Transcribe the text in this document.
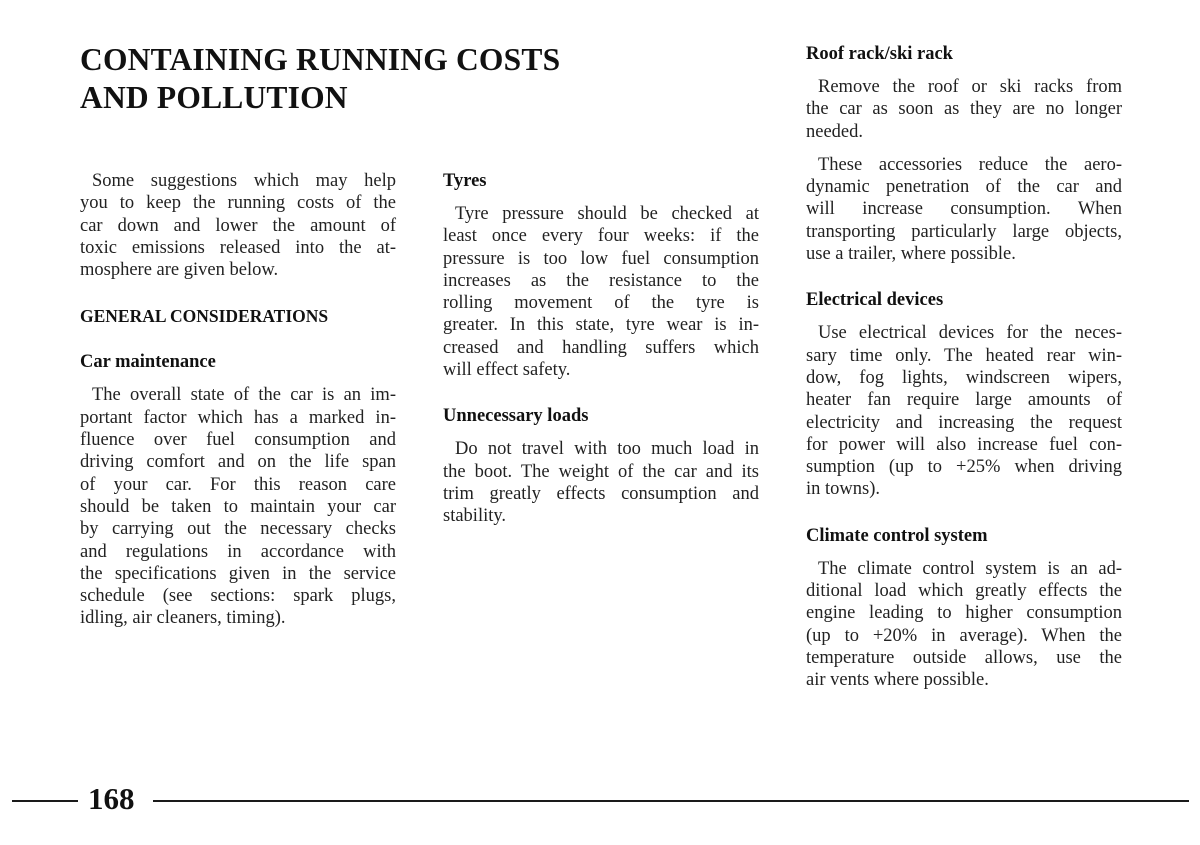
CONTAINING RUNNING COSTS
AND POLLUTION

Some suggestions which may help
you to keep the running costs of the
car down and lower the amount of
toxic emissions released into the at-
mosphere are given below.

GENERAL CONSIDERATIONS

Car maintenance

The overall state of the car is an im-
portant factor which has a marked in-
fluence over fuel consumption and
driving comfort and on the life span
of your car. For this reason care
should be taken to maintain your car
by carrying out the necessary checks
and regulations in accordance with
the specifications given in the service
schedule (see sections: spark plugs,
idling, air cleaners, timing).

Tyres

Tyre pressure should be checked at
least once every four weeks: if the
pressure is too low fuel consumption
increases as the resistance to the
rolling movement of the tyre is
greater. In this state, tyre wear is in-
creased and handling suffers which
will effect safety.

Unnecessary loads

Do not travel with too much load in
the boot. The weight of the car and its
trim greatly effects consumption and
stability.

Roof rack/ski rack

Remove the roof or ski racks from
the car as soon as they are no longer
needed.

These accessories reduce the aero-
dynamic penetration of the car and
will increase consumption. When
transporting particularly large objects,
use a trailer, where possible.

Electrical devices

Use electrical devices for the neces-
sary time only. The heated rear win-
dow, fog lights, windscreen wipers,
heater fan require large amounts of
electricity and increasing the request
for power will also increase fuel con-
sumption (up to +25% when driving
in towns).

Climate control system

The climate control system is an ad-
ditional load which greatly effects the
engine leading to higher consumption
(up to +20% in average). When the
temperature outside allows, use the
air vents where possible.

168
